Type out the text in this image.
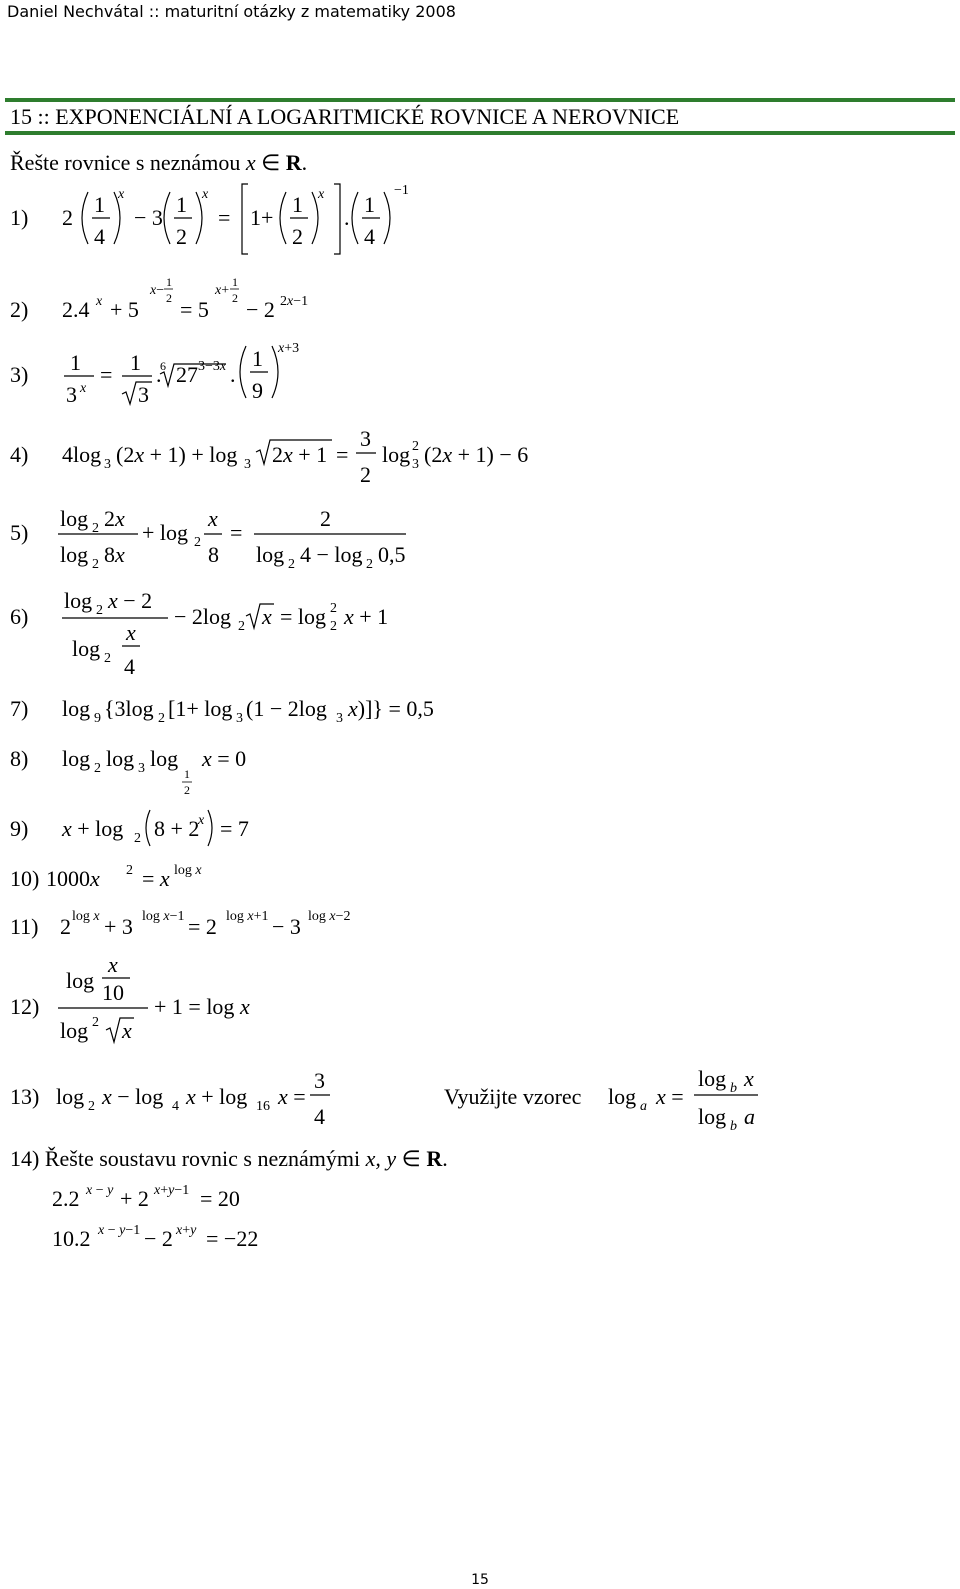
Daniel Nechvátal :: maturitní otázky z matematiky 2008
15 :: EXPONENCIÁLNÍ A LOGARITMICKÉ ROVNICE A NEROVNICE
Řešte rovnice s neznámou x ∈ R.
1) 2
1
4
x
− 3
1
2
x
= 1+
1
2
x
.
1
4
−1
2) 2.4 x + 5
x−
1
2 = 5
x+
1
2 − 2 2x−1
3) 1
3 x
= 1
3
.
6 27 3−3x .
1
9
x+3
4) 4log 3 (2x + 1) + log 3 2x + 1 =
3
2
log 2
3 (2x + 1) − 6
5)
log 2 2x
log 2 8x
+ log 2
x
8
=
2
log 2 4 − log 2 0,5
6)
log 2 x − 2
log 2
x
4
− 2log 2 x = log 2
2 x + 1
7) log 9 {3log 2 [1+ log 3 (1 − 2log 3 x)]} = 0,5
8) log 2 log 3 log
1
2
x = 0
9) x + log 2 8 + 2
x = 7
10) 1000x 2 = x log x
11) 2 log x + 3 log x−1 = 2 log x+1 − 3 log x−2
12)
log
x
10
log 2 x
+ 1 = log x
13) log 2 x − log 4 x + log 16 x =
3
4
Využijte vzorec log a x =
log b x
log b a
14) Řešte soustavu rovnic s neznámými x, y ∈ R.
2.2 x − y + 2 x+y−1 = 20
10.2 x − y−1 − 2 x+y = −22
15
